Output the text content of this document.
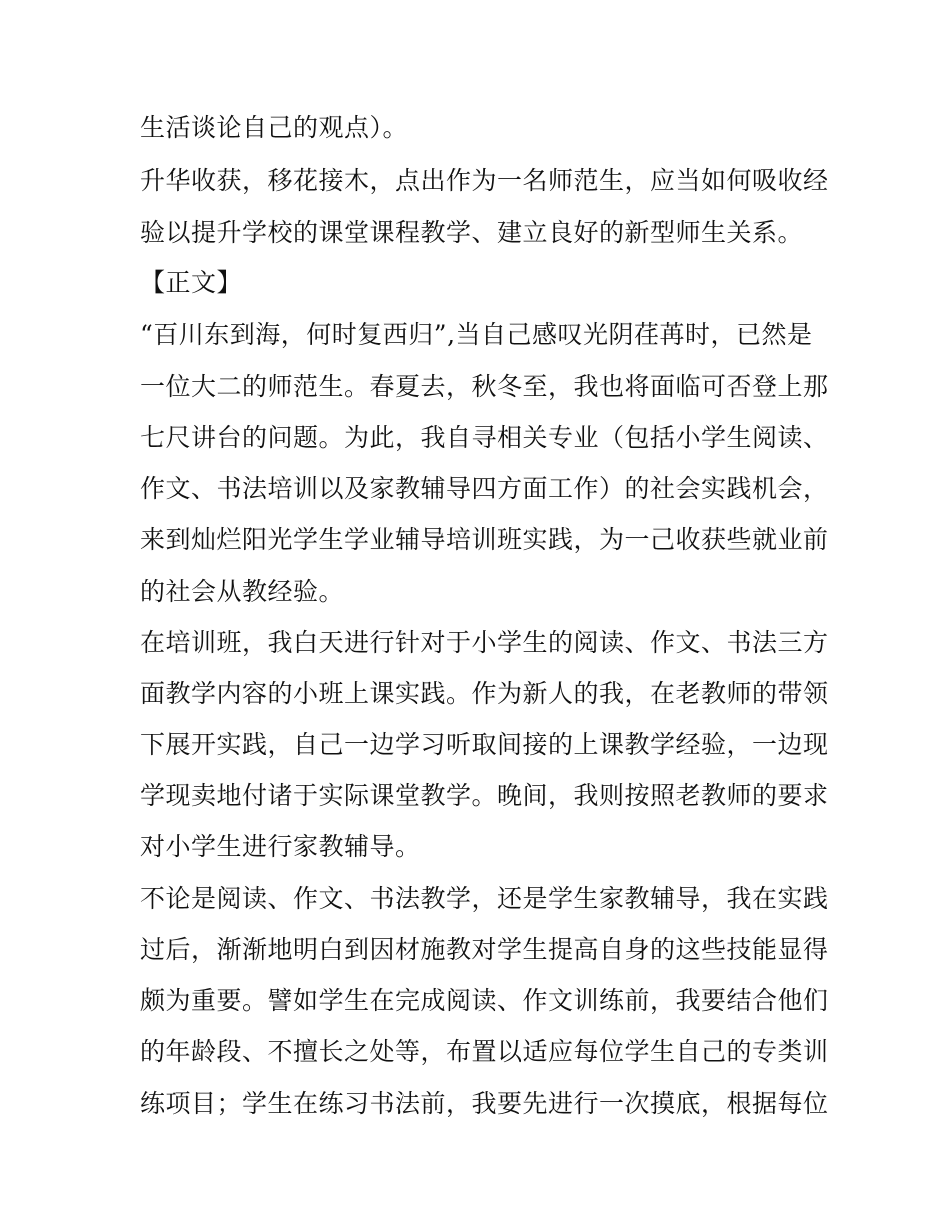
生活谈论自己的观点）。
升华收获，移花接木，点出作为一名师范生，应当如何吸收经
验以提升学校的课堂课程教学、建立良好的新型师生关系。
【正文】
“百川东到海，何时复西归”,当自己感叹光阴荏苒时，已然是
一位大二的师范生。春夏去，秋冬至，我也将面临可否登上那
七尺讲台的问题。为此，我自寻相关专业（包括小学生阅读、
作文、书法培训以及家教辅导四方面工作）的社会实践机会，
来到灿烂阳光学生学业辅导培训班实践，为一己收获些就业前
的社会从教经验。
在培训班，我白天进行针对于小学生的阅读、作文、书法三方
面教学内容的小班上课实践。作为新人的我，在老教师的带领
下展开实践，自己一边学习听取间接的上课教学经验，一边现
学现卖地付诸于实际课堂教学。晚间，我则按照老教师的要求
对小学生进行家教辅导。
不论是阅读、作文、书法教学，还是学生家教辅导，我在实践
过后，渐渐地明白到因材施教对学生提高自身的这些技能显得
颇为重要。譬如学生在完成阅读、作文训练前，我要结合他们
的年龄段、不擅长之处等，布置以适应每位学生自己的专类训
练项目；学生在练习书法前，我要先进行一次摸底，根据每位
